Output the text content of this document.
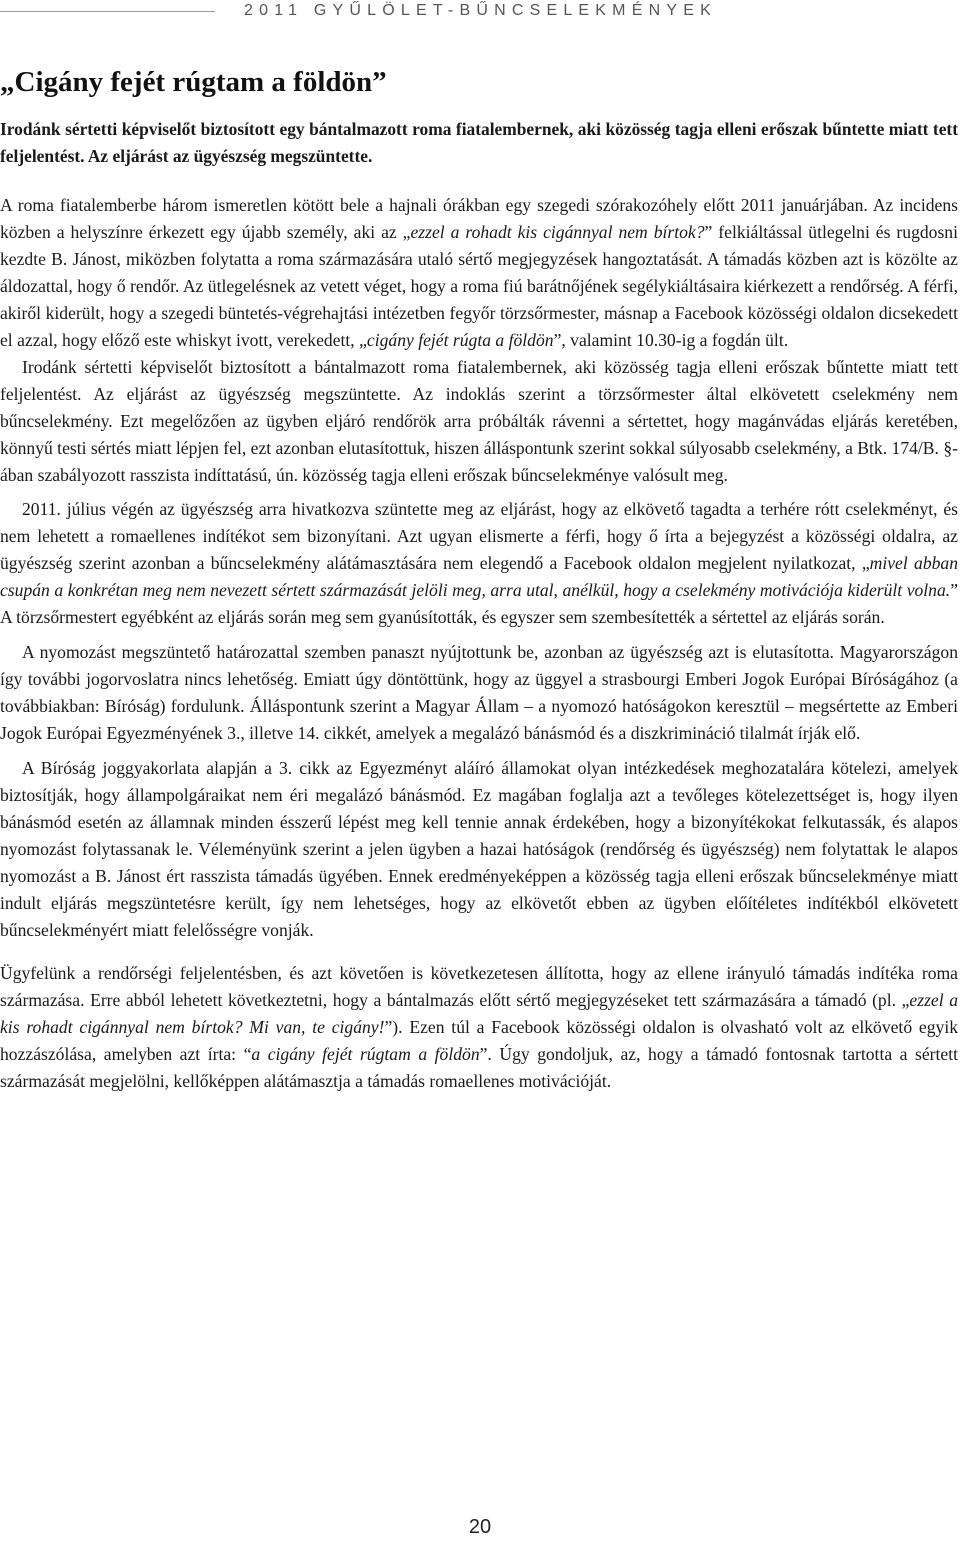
2011 GYŰLÖLET-BŰNCSELEKMÉNYEK
„Cigány fejét rúgtam a földön”

Irodánk sértetti képviselőt biztosított egy bántalmazott roma fiatalembernek, aki közösség tagja elleni erőszak bűntette miatt tett feljelentést. Az eljárást az ügyészség megszüntette.

A roma fiatalemberbe három ismeretlen kötött bele a hajnali órákban egy szegedi szórakozóhely előtt 2011 januárjában. Az incidens közben a helyszínre érkezett egy újabb személy, aki az „ezzel a rohadt kis cigánnyal nem bírtok?” felkiáltással ütlegelni és rugdosni kezdte B. Jánost, miközben folytatta a roma származására utaló sértő megjegyzések hangoztatását. A támadás közben azt is közölte az áldozattal, hogy ő rendőr. Az ütlegelésnek az vetett véget, hogy a roma fiú barátnőjének segélykiáltásaira kiérkezett a rendőrség. A férfi, akiről kiderült, hogy a szegedi büntetés-végrehajtási intézetben fegyőr törzsőrmester, másnap a Facebook közösségi oldalon dicsekedett el azzal, hogy előző este whiskyt ivott, verekedett, „cigány fejét rúgta a földön”, valamint 10.30-ig a fogdán ült.

Irodánk sértetti képviselőt biztosított a bántalmazott roma fiatalembernek, aki közösség tagja elleni erőszak bűntette miatt tett feljelentést. Az eljárást az ügyészség megszüntette. Az indoklás szerint a törzsőrmester által elkövetett cselekmény nem bűncselekmény. Ezt megelőzően az ügyben eljáró rendőrök arra próbálták rávenni a sértettet, hogy magánvádas eljárás keretében, könnyű testi sértés miatt lépjen fel, ezt azonban elutasítottuk, hiszen álláspontunk szerint sokkal súlyosabb cselekmény, a Btk. 174/B. §-ában szabályozott rasszista indíttatású, ún. közösség tagja elleni erőszak bűncselekménye valósult meg.

2011. július végén az ügyészség arra hivatkozva szüntette meg az eljárást, hogy az elkövető tagadta a terhére rótt cselekményt, és nem lehetett a romaellenes indítékot sem bizonyítani. Azt ugyan elismerte a férfi, hogy ő írta a bejegyzést a közösségi oldalra, az ügyészség szerint azonban a bűncselekmény alátámasztására nem elegendő a Facebook oldalon megjelent nyilatkozat, „mivel abban csupán a konkrétan meg nem nevezett sértett származását jelöli meg, arra utal, anélkül, hogy a cselekmény motivációja kiderült volna.” A törzsőrmestert egyébként az eljárás során meg sem gyanúsították, és egyszer sem szembesítették a sértettel az eljárás során.

A nyomozást megszüntető határozattal szemben panaszt nyújtottunk be, azonban az ügyészség azt is elutasította. Magyarországon így további jogorvoslatra nincs lehetőség. Emiatt úgy döntöttünk, hogy az üggyel a strasbourgi Emberi Jogok Európai Bíróságához (a továbbiakban: Bíróság) fordulunk. Álláspontunk szerint a Magyar Állam – a nyomozó hatóságokon keresztül – megsértette az Emberi Jogok Európai Egyezményének 3., illetve 14. cikkét, amelyek a megalázó bánásmód és a diszkrimináció tilalmát írják elő.

A Bíróság joggyakorlata alapján a 3. cikk az Egyezményt aláíró államokat olyan intézkedések meghozatalára kötelezi, amelyek biztosítják, hogy állampolgáraikat nem éri megalázó bánásmód. Ez magában foglalja azt a tevőleges kötelezettséget is, hogy ilyen bánásmód esetén az államnak minden ésszerű lépést meg kell tennie annak érdekében, hogy a bizonyítékokat felkutassák, és alapos nyomozást folytassanak le. Véleményünk szerint a jelen ügyben a hazai hatóságok (rendőrség és ügyészség) nem folytattak le alapos nyomozást a B. Jánost ért rasszista támadás ügyében. Ennek eredményeképpen a közösség tagja elleni erőszak bűncselekménye miatt indult eljárás megszüntetésre került, így nem lehetséges, hogy az elkövetőt ebben az ügyben előítéletes indítékból elkövetett bűncselekményért miatt felelősségre vonják.

Ügyfelünk a rendőrségi feljelentésben, és azt követően is következetesen állította, hogy az ellene irányuló támadás indítéka roma származása. Erre abból lehetett következtetni, hogy a bántalmazás előtt sértő megjegyzéseket tett származására a támadó (pl. „ezzel a kis rohadt cigánnyal nem bírtok? Mi van, te cigány!”). Ezen túl a Facebook közösségi oldalon is olvasható volt az elkövető egyik hozzászólása, amelyben azt írta: “a cigány fejét rúgtam a földön”. Úgy gondoljuk, az, hogy a támadó fontosnak tartotta a sértett származását megjelölni, kellőképpen alátámasztja a támadás romaellenes motivációját.

20
